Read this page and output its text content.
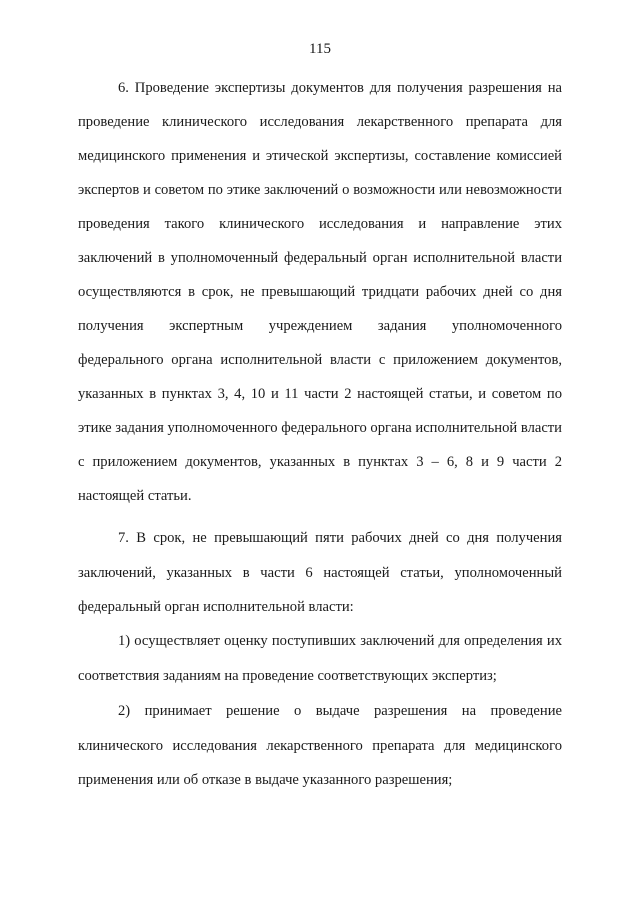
115

6. Проведение экспертизы документов для получения разрешения на проведение клинического исследования лекарственного препарата для медицинского применения и этической экспертизы, составление комиссией экспертов и советом по этике заключений о возможности или невозможности проведения такого клинического исследования и направление этих заключений в уполномоченный федеральный орган исполнительной власти осуществляются в срок, не превышающий тридцати рабочих дней со дня получения экспертным учреждением задания уполномоченного федерального органа исполнительной власти с приложением документов, указанных в пунктах 3, 4, 10 и 11 части 2 настоящей статьи, и советом по этике задания уполномоченного федерального органа исполнительной власти с приложением документов, указанных в пунктах 3 – 6, 8 и 9 части 2 настоящей статьи.

7. В срок, не превышающий пяти рабочих дней со дня получения заключений, указанных в части 6 настоящей статьи, уполномоченный федеральный орган исполнительной власти:

1) осуществляет оценку поступивших заключений для определения их соответствия заданиям на проведение соответствующих экспертиз;

2) принимает решение о выдаче разрешения на проведение клинического исследования лекарственного препарата для медицинского применения или об отказе в выдаче указанного разрешения;
